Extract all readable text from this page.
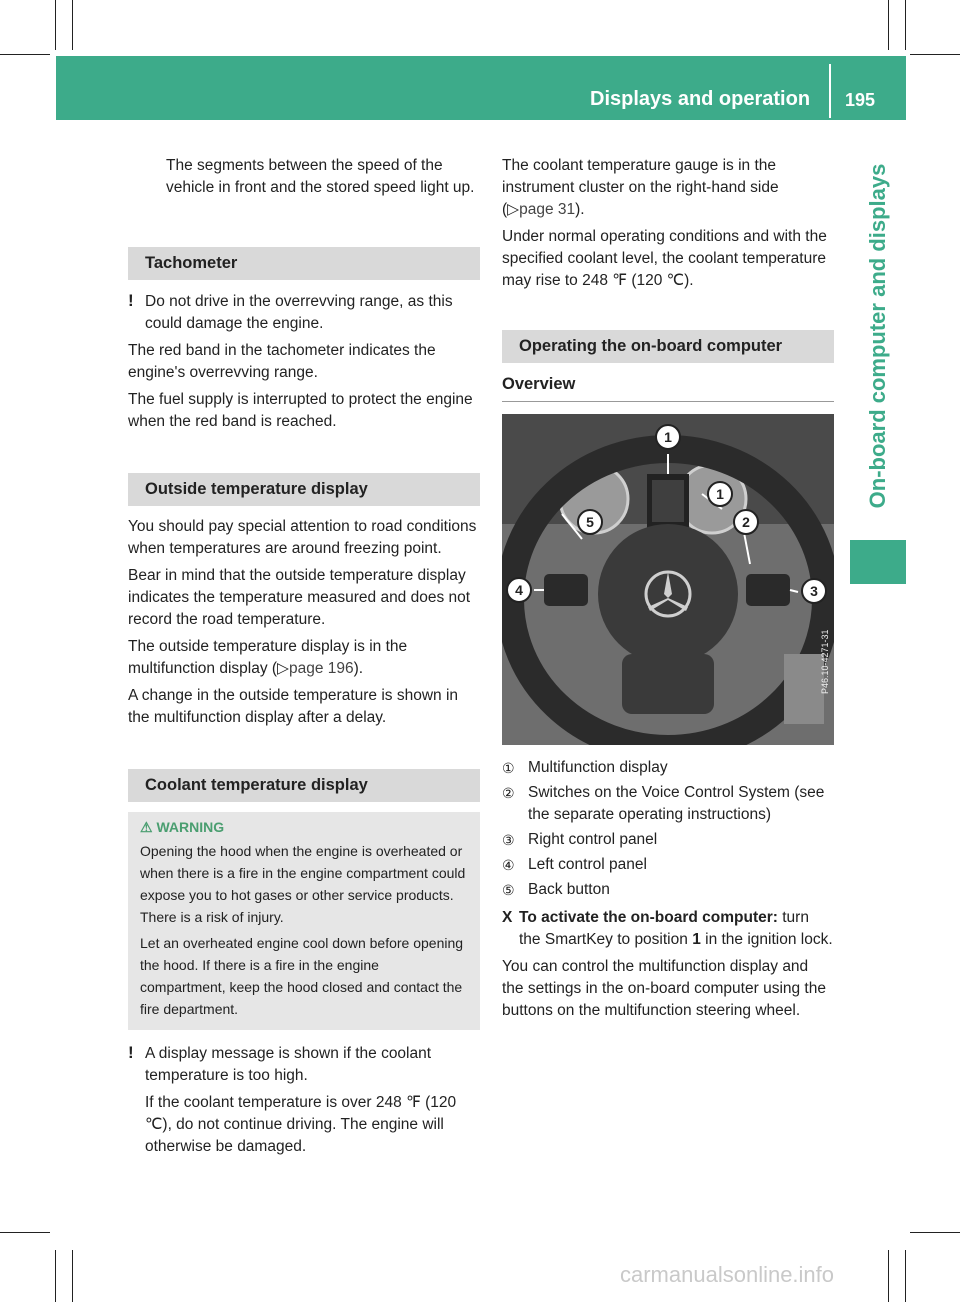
Displays and operation 195
On-board computer and displays

The segments between the speed of the vehicle in front and the stored speed light up.

Tachometer

! Do not drive in the overrevving range, as this could damage the engine.

The red band in the tachometer indicates the engine's overrevving range.

The fuel supply is interrupted to protect the engine when the red band is reached.

Outside temperature display

You should pay special attention to road conditions when temperatures are around freezing point.

Bear in mind that the outside temperature display indicates the temperature measured and does not record the road temperature.

The outside temperature display is in the multifunction display (▷page 196).

A change in the outside temperature is shown in the multifunction display after a delay.

Coolant temperature display
⚠ WARNING

Opening the hood when the engine is overheated or when there is a fire in the engine compartment could expose you to hot gases or other service products. There is a risk of injury.

Let an overheated engine cool down before opening the hood. If there is a fire in the engine compartment, keep the hood closed and contact the fire department.

! A display message is shown if the coolant temperature is too high.

If the coolant temperature is over 248 ℉ (120 ℃), do not continue driving. The engine will otherwise be damaged.

The coolant temperature gauge is in the instrument cluster on the right-hand side (▷page 31).

Under normal operating conditions and with the specified coolant level, the coolant temperature may rise to 248 ℉ (120 ℃).

Operating the on-board computer
Overview
1
1
2
3
4
5
P46.10-4271-31
① Multifunction display
② Switches on the Voice Control System (see the separate operating instructions)
③ Right control panel
④ Left control panel
⑤ Back button

X To activate the on-board computer: turn the SmartKey to position 1 in the ignition lock.

You can control the multifunction display and the settings in the on-board computer using the buttons on the multifunction steering wheel.

carmanualsonline.info
